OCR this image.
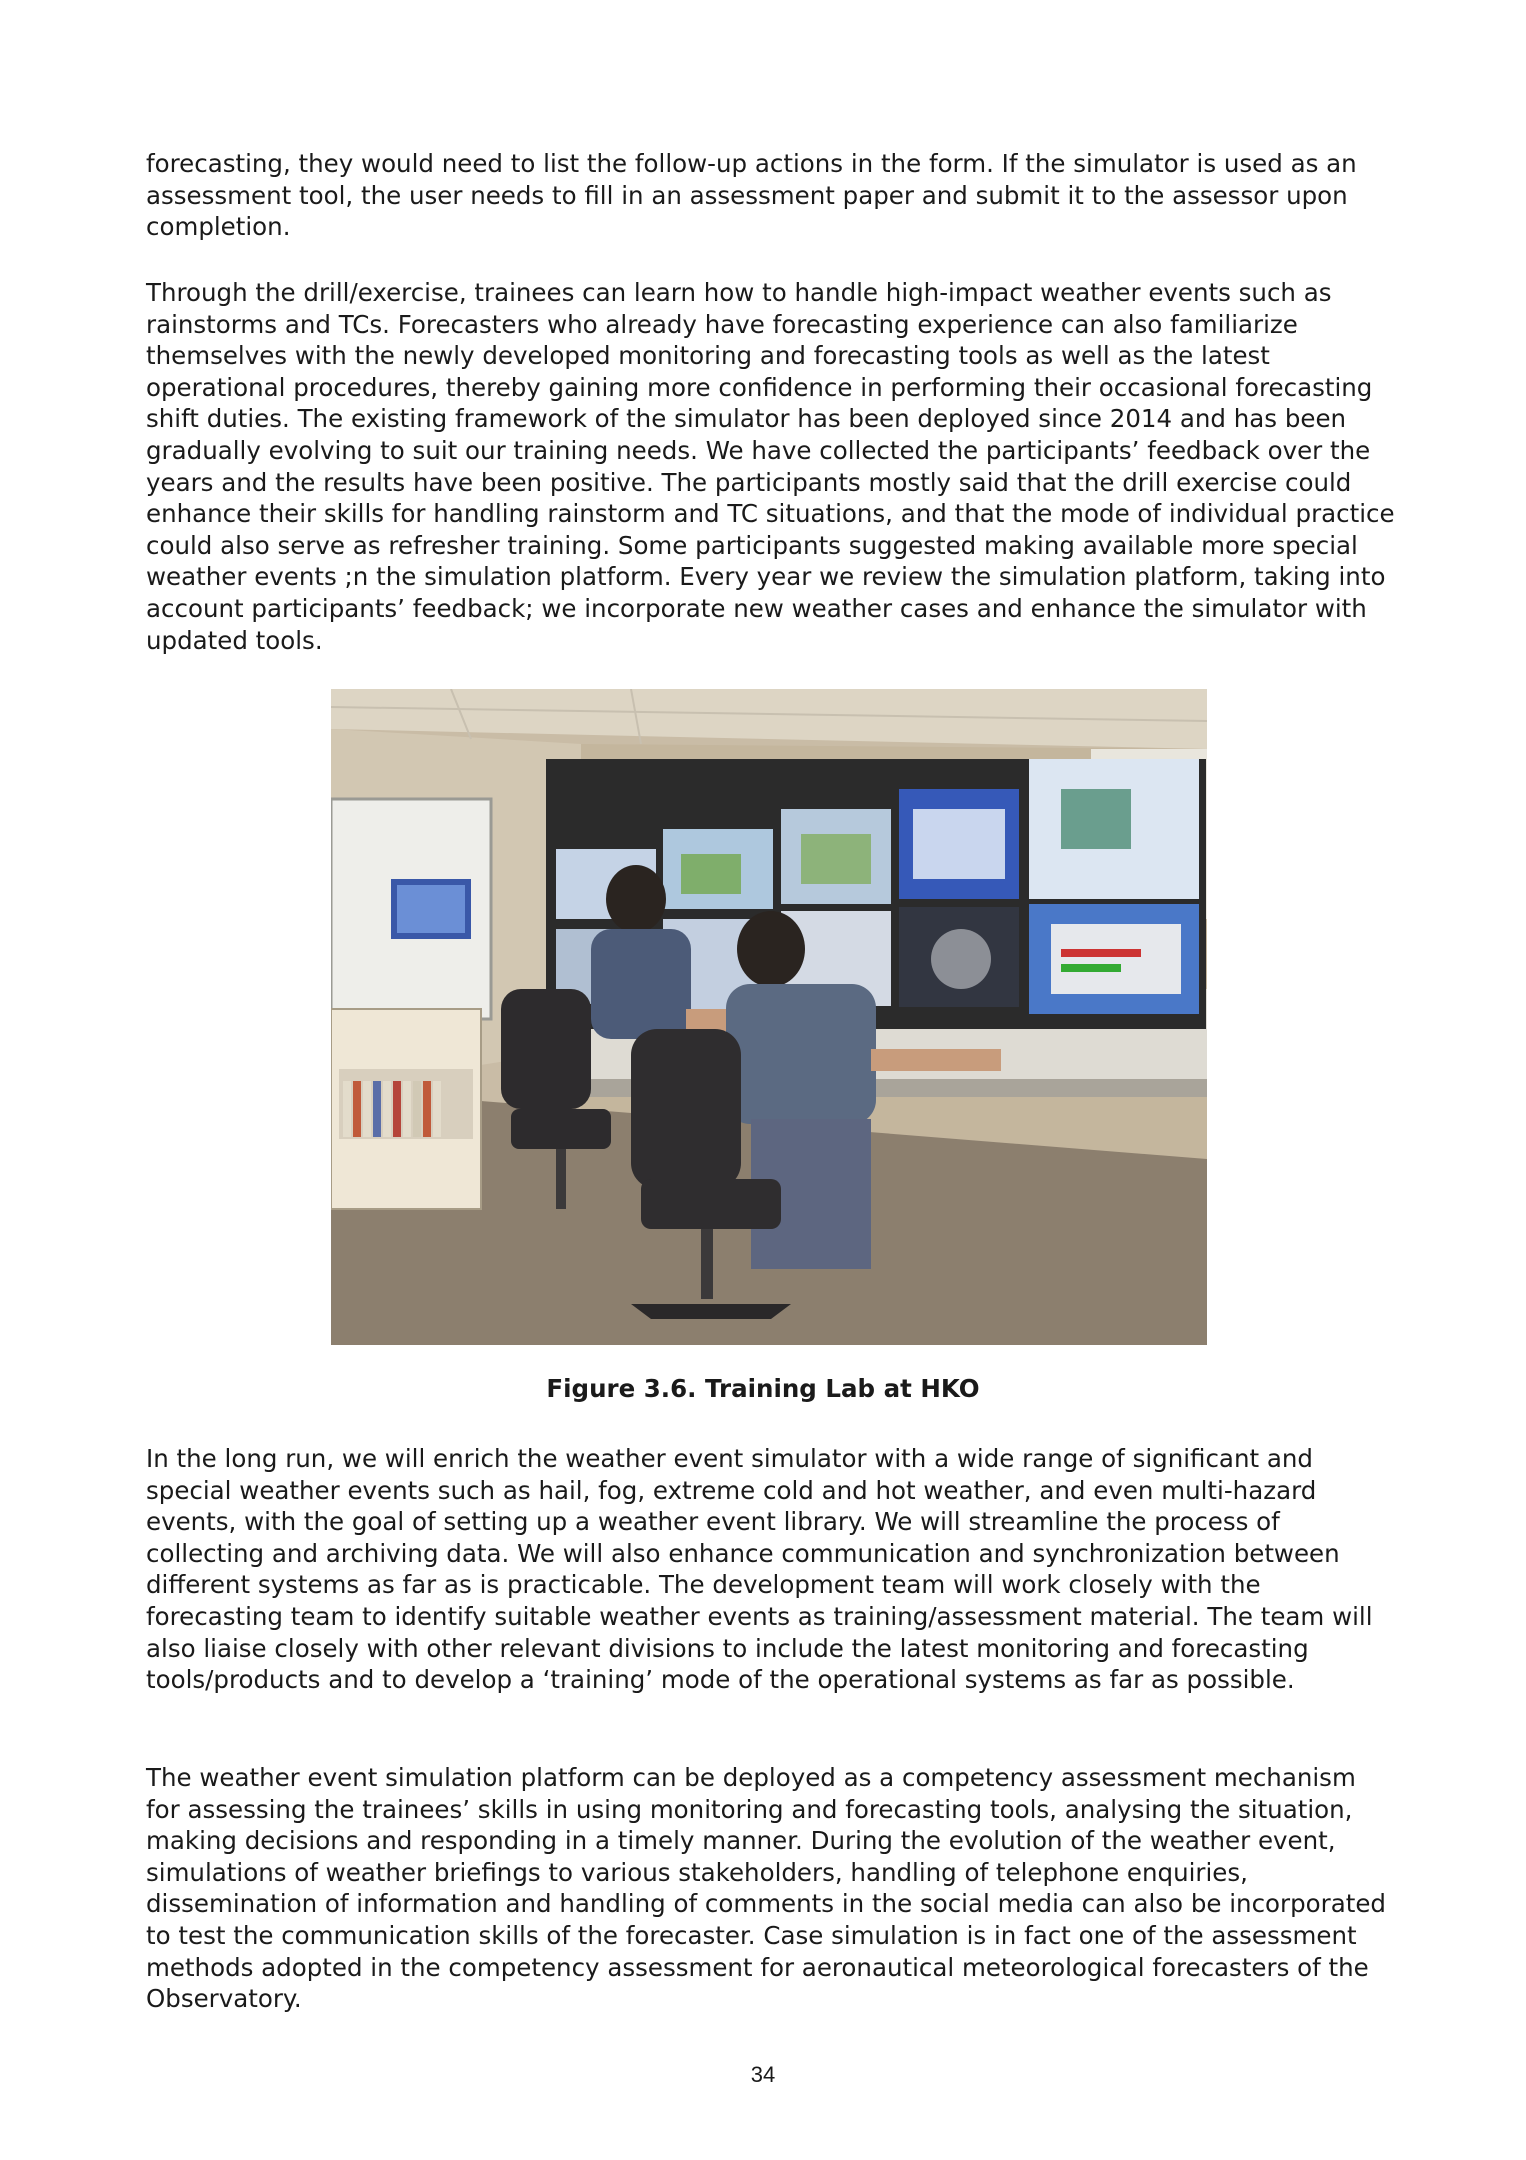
forecasting, they would need to list the follow-up actions in the form. If the simulator is used as an assessment tool, the user needs to fill in an assessment paper and submit it to the assessor upon completion.

Through the drill/exercise, trainees can learn how to handle high-impact weather events such as rainstorms and TCs. Forecasters who already have forecasting experience can also familiarize themselves with the newly developed monitoring and forecasting tools as well as the latest operational procedures, thereby gaining more confidence in performing their occasional forecasting shift duties. The existing framework of the simulator has been deployed since 2014 and has been gradually evolving to suit our training needs. We have collected the participants’ feedback over the years and the results have been positive. The participants mostly said that the drill exercise could enhance their skills for handling rainstorm and TC situations, and that the mode of individual practice could also serve as refresher training. Some participants suggested making available more special weather events ;n the simulation platform. Every year we review the simulation platform, taking into account participants’ feedback; we incorporate new weather cases and enhance the simulator with updated tools.

Figure 3.6. Training Lab at HKO

In the long run, we will enrich the weather event simulator with a wide range of significant and special weather events such as hail, fog, extreme cold and hot weather, and even multi-hazard events, with the goal of setting up a weather event library. We will streamline the process of collecting and archiving data. We will also enhance communication and synchronization between different systems as far as is practicable. The development team will work closely with the forecasting team to identify suitable weather events as training/assessment material. The team will also liaise closely with other relevant divisions to include the latest monitoring and forecasting tools/products and to develop a ‘training’ mode of the operational systems as far as possible.

The weather event simulation platform can be deployed as a competency assessment mechanism for assessing the trainees’ skills in using monitoring and forecasting tools, analysing the situation, making decisions and responding in a timely manner. During the evolution of the weather event, simulations of weather briefings to various stakeholders, handling of telephone enquiries, dissemination of information and handling of comments in the social media can also be incorporated to test the communication skills of the forecaster. Case simulation is in fact one of the assessment methods adopted in the competency assessment for aeronautical meteorological forecasters of the Observatory.

34
